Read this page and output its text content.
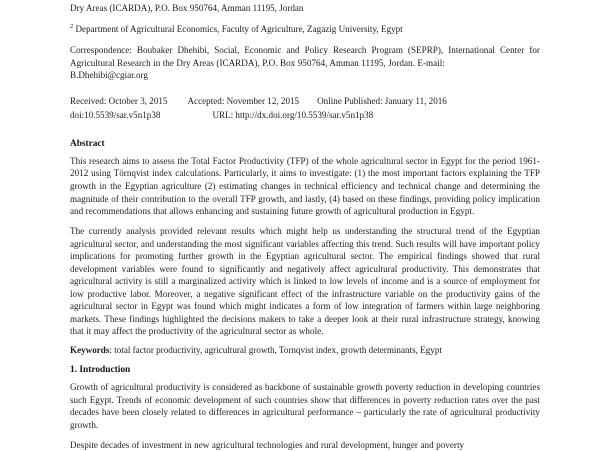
Dry Areas (ICARDA), P.O. Box 950764, Amman 11195, Jordan
$^2$ Department of Agricultural Economics, Faculty of Agriculture, Zagazig University, Egypt

Correspondence: Boubaker Dhehibi, Social, Economic and Policy Research Program (SEPRP), International Center for Agricultural Research in the Dry Areas (ICARDA), P.O. Box 950764, Amman 11195, Jordan. E-mail:

B.Dhehibi@cgiar.org
Received: October 3, 2015 Accepted: November 12, 2015 Online Published: January 11, 2016
doi:10.5539/sar.v5n1p38	URL: http://dx.doi.org/10.5539/sar.v5n1p38
Abstract

This research aims to assess the Total Factor Productivity (TFP) of the whole agricultural sector in Egypt for the period 1961-2012 using Törnqvist index calculations. Particularly, it aims to investigate: (1) the most important factors explaining the TFP growth in the Egyptian agriculture (2) estimating changes in technical efficiency and technical change and determining the magnitude of their contribution to the overall TFP growth, and lastly, (4) based on these findings, providing policy implication and recommendations that allows enhancing and sustaining future growth of agricultural production in Egypt.

The currently analysis provided relevant results which might help us understanding the structural trend of the Egyptian agricultural sector, and understanding the most significant variables affecting this trend. Such results will have important policy implications for promoting further growth in the Egyptian agricultural sector. The empirical findings showed that rural development variables were found to significantly and negatively affect agricultural productivity. This demonstrates that agricultural activity is still a marginalized activity which is linked to low levels of income and is a source of employment for low productive labor. Moreover, a negative significant effect of the infrastructure variable on the productivity gains of the agricultural sector in Egypt was found which might indicates a form of low integration of farmers within large neighboring markets. These findings highlighted the decisions makers to take a deeper look at their rural infrastructure strategy, knowing that it may affect the productivity of the agricultural sector as whole.

Keywords: total factor productivity, agricultural growth, Tornqvist index, growth determinants, Egypt
1. Introduction

Growth of agricultural productivity is considered as backbone of sustainable growth poverty reduction in developing countries such Egypt. Trends of economic development of such countries show that differences in poverty reduction rates over the past decades have been closely related to differences in agricultural performance – particularly the rate of agricultural productivity growth.

Despite decades of investment in new agricultural technologies and rural development, hunger and poverty
